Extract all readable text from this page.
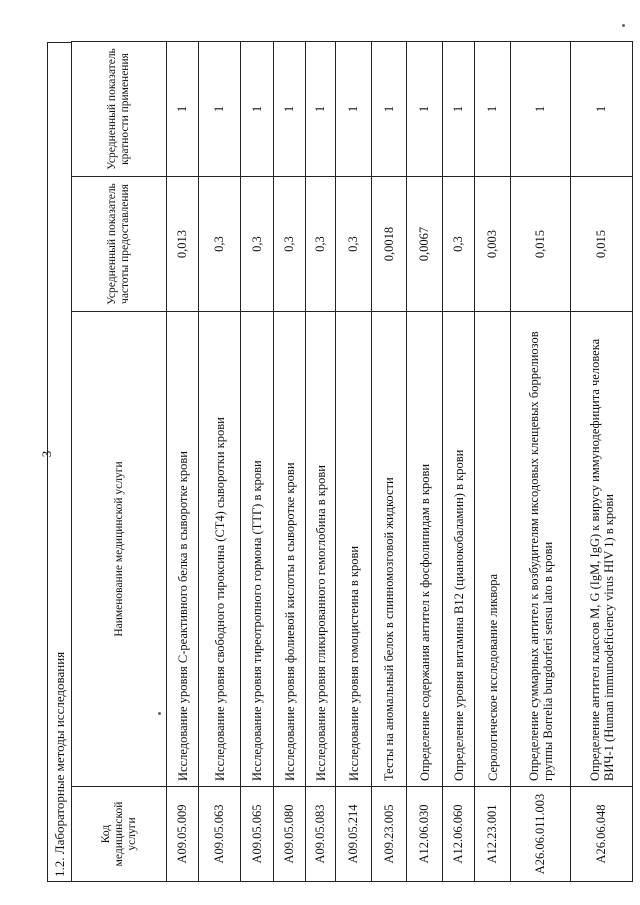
3
1.2. Лабораторные методы исследования	Код медицинской услуги	Наименование медицинской услуги	Усредненный показатель частоты предоставления	Усредненный показатель кратности применения
A09.05.009	Исследование уровня С-реактивного белка в сыворотке крови	0,013	1
A09.05.063	Исследование уровня свободного тироксина (СТ4) сыворотки крови	0,3	1
A09.05.065	Исследование уровня тиреотропного гормона (ТТГ) в крови	0,3	1
A09.05.080	Исследование уровня фолиевой кислоты в сыворотке крови	0,3	1
A09.05.083	Исследование уровня гликированного гемоглобина в крови	0,3	1
A09.05.214	Исследование уровня гомоцистеина в крови	0,3	1
A09.23.005	Тесты на аномальный белок в спинномозговой жидкости	0,0018	1
A12.06.030	Определение содержания антител к фосфолипидам в крови	0,0067	1
A12.06.060	Определение уровня витамина В12 (цианокобаламин) в крови	0,3	1
A12.23.001	Серологическое исследование ликвора	0,003	1
A26.06.011.003	Определение суммарных антител к возбудителям иксодовых клещевых боррелиозов группы Borrelia burgdorferi sensu lato в крови	0,015	1
A26.06.048	Определение антител классов M, G (IgM, IgG) к вирусу иммунодефицита человека ВИЧ-1 (Human immunodeficiency virus HIV 1) в крови	0,015	1
